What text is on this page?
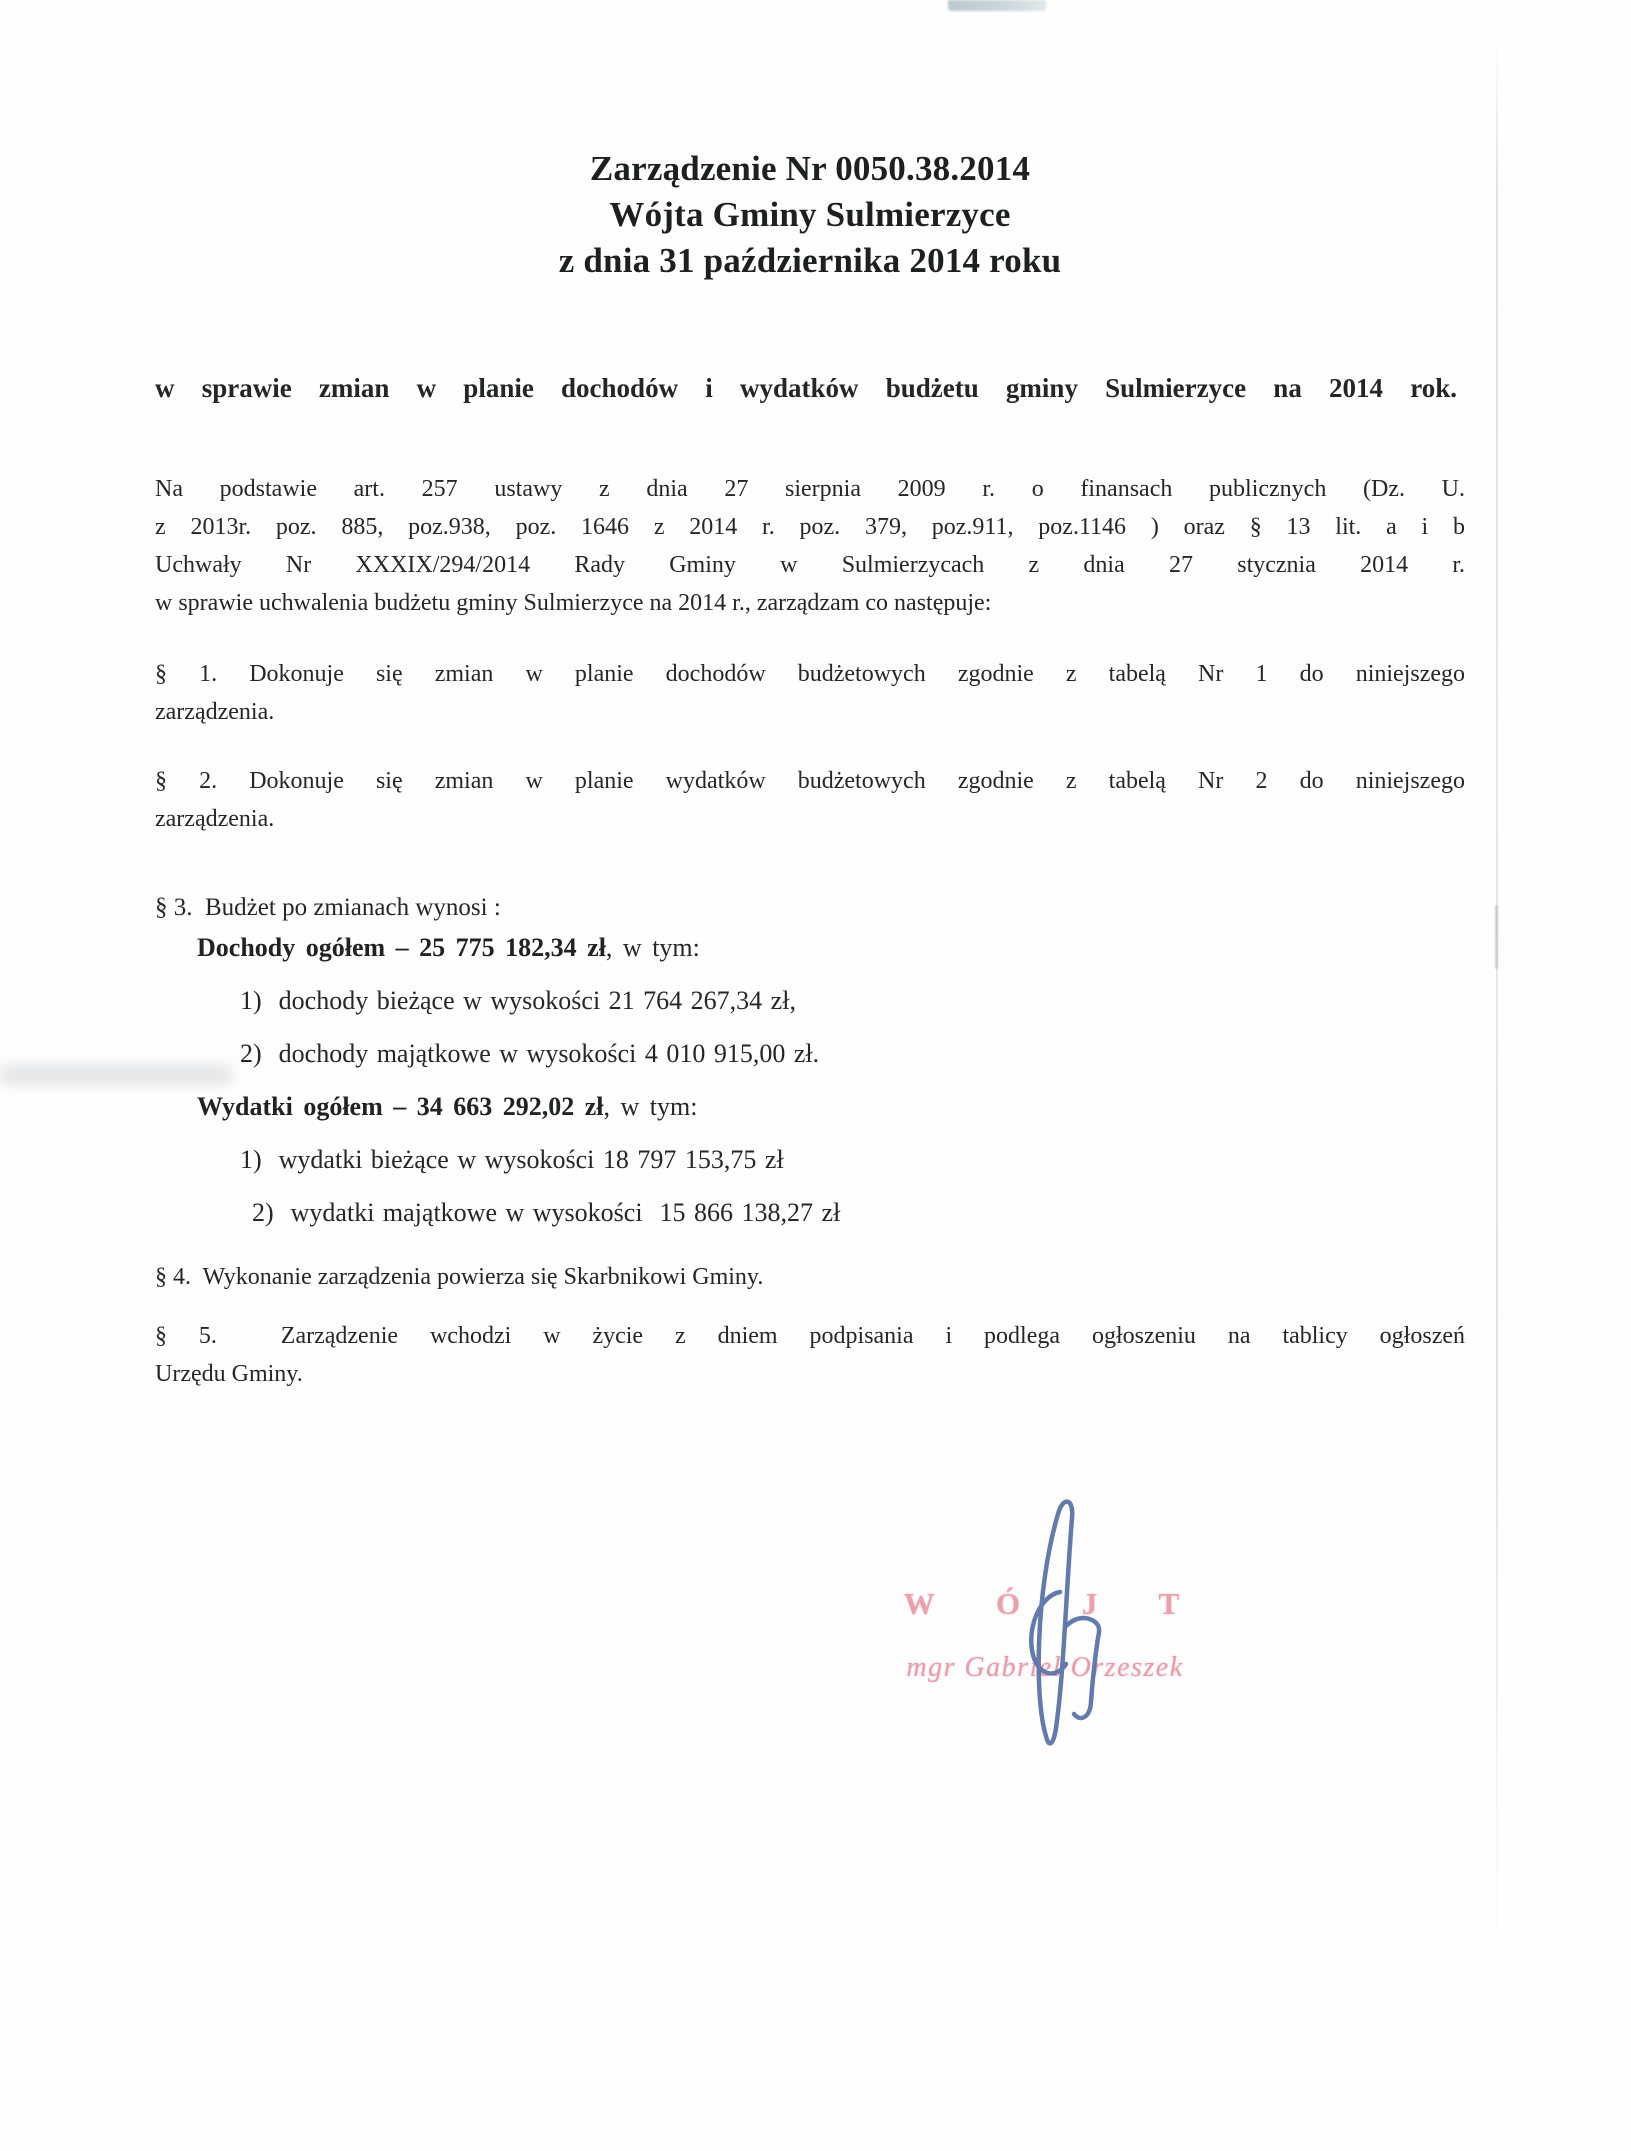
Zarządzenie Nr 0050.38.2014
Wójta Gminy Sulmierzyce
z dnia 31 października 2014 roku
w sprawie zmian w planie dochodów i wydatków budżetu gminy Sulmierzyce na 2014 rok.
Na podstawie art. 257 ustawy z dnia 27 sierpnia 2009 r. o finansach publicznych (Dz. U.
z 2013r. poz. 885, poz.938, poz. 1646 z 2014 r. poz. 379, poz.911, poz.1146 ) oraz § 13 lit. a i b
Uchwały Nr XXXIX/294/2014 Rady Gminy w Sulmierzycach z dnia 27 stycznia 2014 r.
w sprawie uchwalenia budżetu gminy Sulmierzyce na 2014 r., zarządzam co następuje:
§ 1. Dokonuje się zmian w planie dochodów budżetowych zgodnie z tabelą Nr 1 do niniejszego
zarządzenia.
§ 2. Dokonuje się zmian w planie wydatków budżetowych zgodnie z tabelą Nr 2 do niniejszego
zarządzenia.
§ 3.  Budżet po zmianach wynosi :
Dochody ogółem – 25 775 182,34 zł, w tym:
1)  dochody bieżące w wysokości 21 764 267,34 zł,
2)  dochody majątkowe w wysokości 4 010 915,00 zł.
Wydatki ogółem – 34 663 292,02 zł, w tym:
1)  wydatki bieżące w wysokości 18 797 153,75 zł
2)  wydatki majątkowe w wysokości  15 866 138,27 zł
§ 4.  Wykonanie zarządzenia powierza się Skarbnikowi Gminy.
§ 5.  Zarządzenie wchodzi w życie z dniem podpisania i podlega ogłoszeniu na tablicy ogłoszeń
Urzędu Gminy.
W Ó J T
mgr Gabriel Orzeszek
